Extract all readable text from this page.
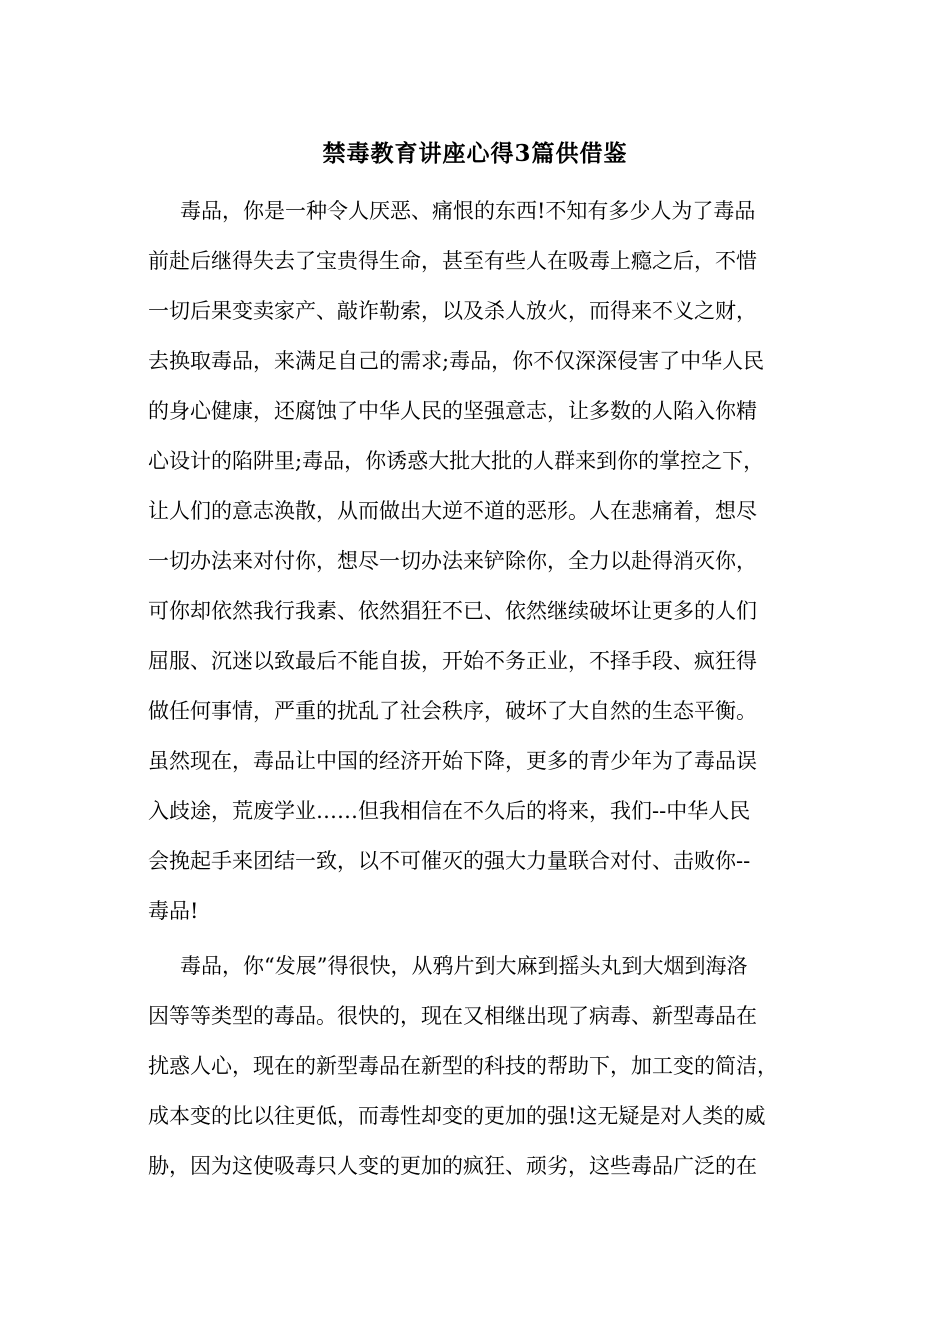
禁毒教育讲座心得3篇供借鉴
毒品，你是一种令人厌恶、痛恨的东西!不知有多少人为了毒品
前赴后继得失去了宝贵得生命，甚至有些人在吸毒上瘾之后，不惜
一切后果变卖家产、敲诈勒索，以及杀人放火，而得来不义之财，
去换取毒品，来满足自己的需求;毒品，你不仅深深侵害了中华人民
的身心健康，还腐蚀了中华人民的坚强意志，让多数的人陷入你精
心设计的陷阱里;毒品，你诱惑大批大批的人群来到你的掌控之下，
让人们的意志涣散，从而做出大逆不道的恶形。人在悲痛着，想尽
一切办法来对付你，想尽一切办法来铲除你，全力以赴得消灭你，
可你却依然我行我素、依然猖狂不已、依然继续破坏让更多的人们
屈服、沉迷以致最后不能自拔，开始不务正业，不择手段、疯狂得
做任何事情，严重的扰乱了社会秩序，破坏了大自然的生态平衡。
虽然现在，毒品让中国的经济开始下降，更多的青少年为了毒品误
入歧途，荒废学业……但我相信在不久后的将来，我们--中华人民
会挽起手来团结一致，以不可催灭的强大力量联合对付、击败你--
毒品!
毒品，你“发展”得很快，从鸦片到大麻到摇头丸到大烟到海洛
因等等类型的毒品。很快的，现在又相继出现了病毒、新型毒品在
扰惑人心，现在的新型毒品在新型的科技的帮助下，加工变的简洁，
成本变的比以往更低，而毒性却变的更加的强!这无疑是对人类的威
胁，因为这使吸毒只人变的更加的疯狂、顽劣，这些毒品广泛的在
